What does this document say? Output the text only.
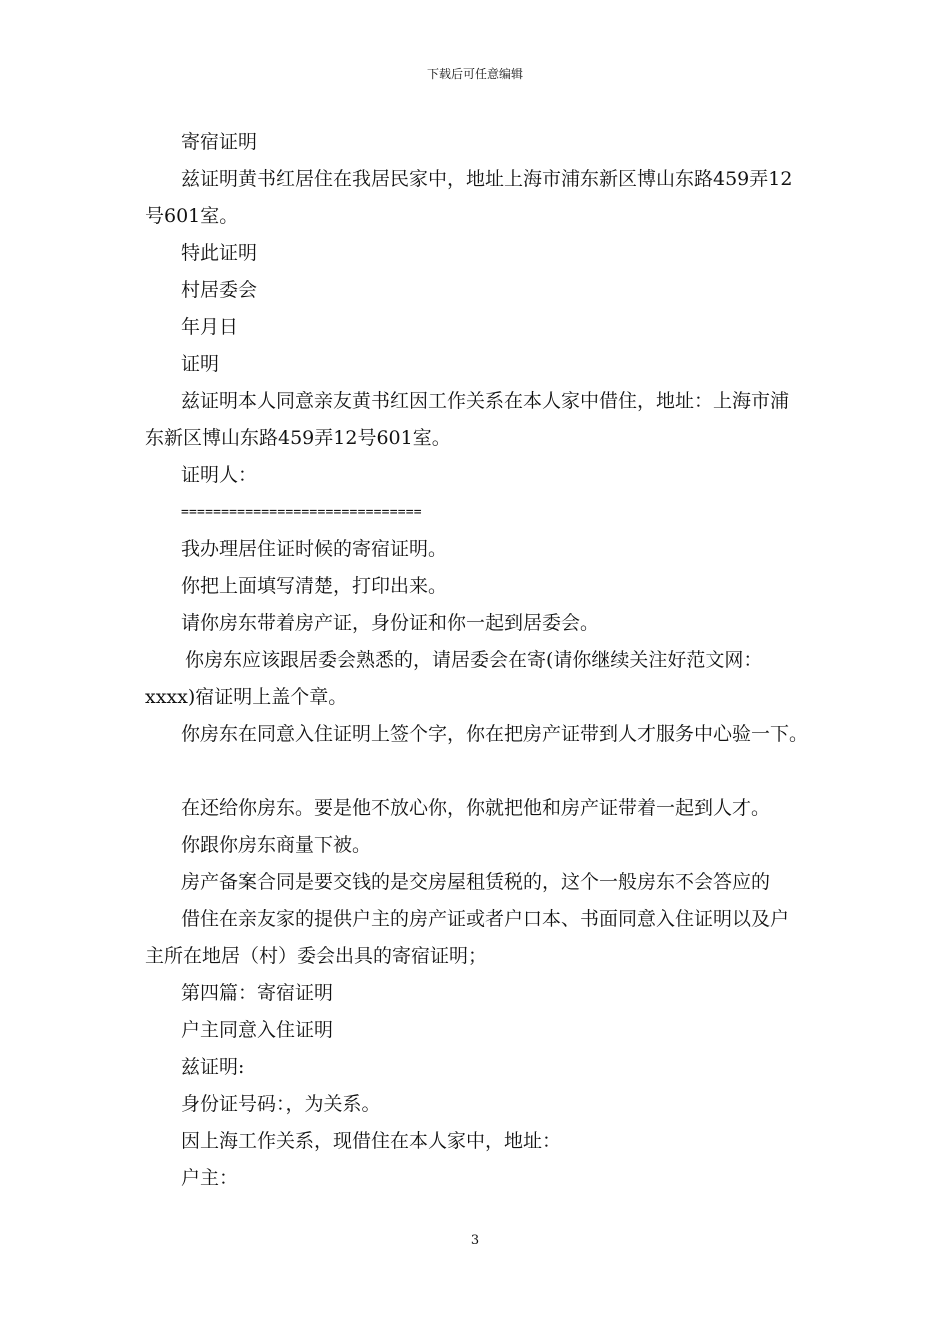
下载后可任意编辑

寄宿证明

兹证明黄书红居住在我居民家中，地址上海市浦东新区博山东路459弄12

号601室。

特此证明

村居委会

年月日

证明

兹证明本人同意亲友黄书红因工作关系在本人家中借住，地址：上海市浦

东新区博山东路459弄12号601室。

证明人：

==============================

我办理居住证时候的寄宿证明。

你把上面填写清楚，打印出来。

请你房东带着房产证，身份证和你一起到居委会。

你房东应该跟居委会熟悉的，请居委会在寄(请你继续关注好范文网：

xxxx)宿证明上盖个章。

你房东在同意入住证明上签个字，你在把房产证带到人才服务中心验一下。

在还给你房东。要是他不放心你，你就把他和房产证带着一起到人才。

你跟你房东商量下被。

房产备案合同是要交钱的是交房屋租赁税的，这个一般房东不会答应的

借住在亲友家的提供户主的房产证或者户口本、书面同意入住证明以及户

主所在地居（村）委会出具的寄宿证明；

第四篇：寄宿证明

户主同意入住证明

兹证明:

身份证号码：，为关系。

因上海工作关系，现借住在本人家中，地址：

户主：

3
